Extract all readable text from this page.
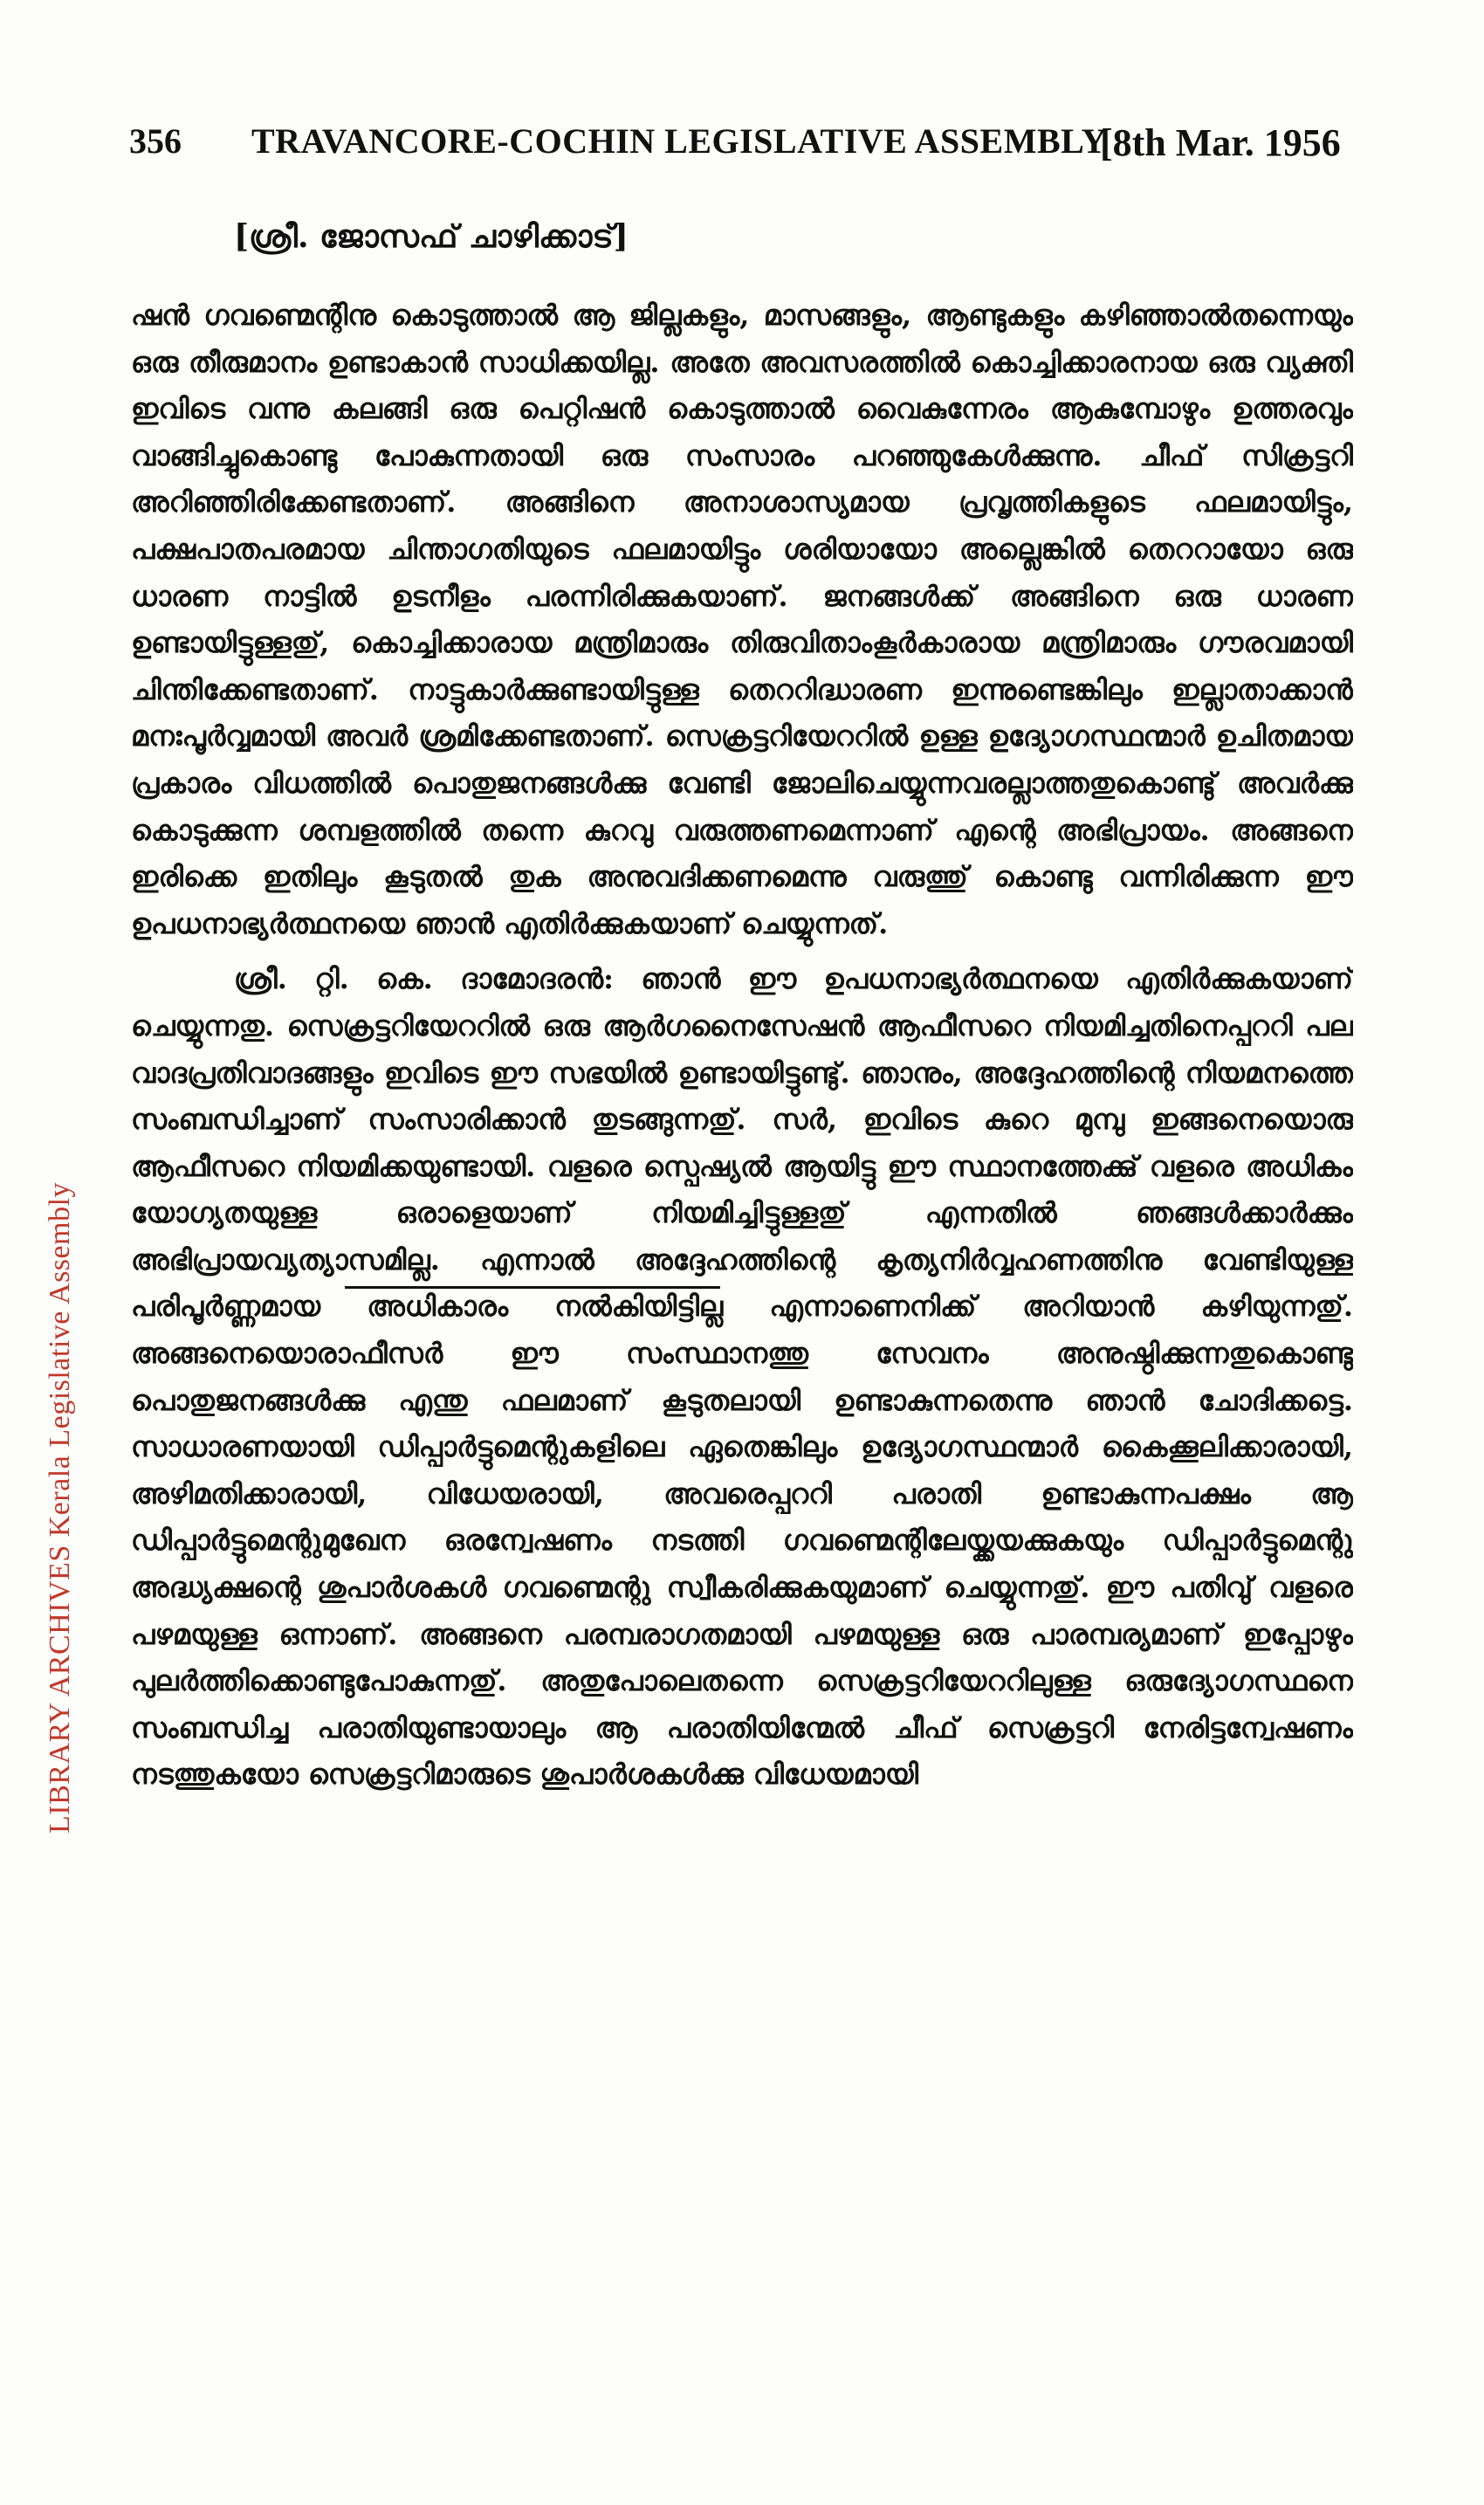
LIBRARY ARCHIVES Kerala Legislative Assembly
356 TRAVANCORE-COCHIN LEGISLATIVE ASSEMBLY
[8th Mar. 1956
[ശ്രീ. ജോസഫ് ചാഴിക്കാട്]

ഷൻ ഗവണ്മെന്റിനു കൊടുത്താൽ ആ ജില്ലകളും, മാസങ്ങളും, ആണ്ടുകളും കഴിഞ്ഞാൽതന്നെയും ഒരു തീരുമാനം ഉണ്ടാകാൻ സാധിക്കയില്ല. അതേ അവസരത്തിൽ കൊച്ചിക്കാരനായ ഒരു വ്യക്തി ഇവിടെ വന്നു കലങ്ങി ഒരു പെറ്റിഷൻ കൊടുത്താൽ വൈകുന്നേരം ആകുമ്പോഴും ഉത്തരവും വാങ്ങിച്ചുകൊണ്ടു പോകുന്നതായി ഒരു സംസാരം പറഞ്ഞുകേൾക്കുന്നു. ചീഫ് സിക്രട്ടറി അറിഞ്ഞിരിക്കേണ്ടതാണ്. അങ്ങിനെ അനാശാസ്യമായ പ്രവൃത്തികളുടെ ഫലമായിട്ടും, പക്ഷപാതപരമായ ചിന്താഗതിയുടെ ഫലമായിട്ടും ശരിയായോ അല്ലെങ്കിൽ തെററായോ ഒരു ധാരണ നാട്ടിൽ ഉടനീളം പരന്നിരിക്കുകയാണ്. ജനങ്ങൾക്ക് അങ്ങിനെ ഒരു ധാരണ ഉണ്ടായിട്ടുള്ളതു്, കൊച്ചിക്കാരായ മന്ത്രിമാരും തിരുവിതാംകൂർകാരായ മന്ത്രിമാരും ഗൗരവമായി ചിന്തിക്കേണ്ടതാണ്. നാട്ടുകാർക്കുണ്ടായിട്ടുള്ള തെററിദ്ധാരണ ഇന്നുണ്ടെങ്കിലും ഇല്ലാതാക്കാൻ മനഃപൂർവ്വമായി അവർ ശ്രമിക്കേണ്ടതാണ്. സെക്രട്ടറിയേററിൽ ഉള്ള ഉദ്യോഗസ്ഥന്മാർ ഉചിതമായ പ്രകാരം വിധത്തിൽ പൊതുജനങ്ങൾക്കു വേണ്ടി ജോലിചെയ്യുന്നവരല്ലാത്തതുകൊണ്ടു് അവർക്കു കൊടുക്കുന്ന ശമ്പളത്തിൽ തന്നെ കുറവു വരുത്തണമെന്നാണ് എന്റെ അഭിപ്രായം. അങ്ങനെ ഇരിക്കെ ഇതിലും കൂടുതൽ തുക അനുവദിക്കണമെന്നു വരുത്തു് കൊണ്ടു വന്നിരിക്കുന്ന ഈ ഉപധനാഭ്യർത്ഥനയെ ഞാൻ എതിർക്കുകയാണ് ചെയ്യുന്നത്.

ശ്രീ. റ്റി. കെ. ദാമോദരൻ: ഞാൻ ഈ ഉപധനാഭ്യർത്ഥനയെ എതിർക്കുകയാണ് ചെയ്യുന്നതു. സെക്രട്ടറിയേററിൽ ഒരു ആർഗനൈസേഷൻ ആഫീസറെ നിയമിച്ചതിനെപ്പററി പല വാദപ്രതിവാദങ്ങളും ഇവിടെ ഈ സഭയിൽ ഉണ്ടായിട്ടുണ്ടു്. ഞാനും, അദ്ദേഹത്തിന്റെ നിയമനത്തെ സംബന്ധിച്ചാണ് സംസാരിക്കാൻ തുടങ്ങുന്നതു്. സർ, ഇവിടെ കുറെ മുമ്പു ഇങ്ങനെയൊരു ആഫീസറെ നിയമിക്കയുണ്ടായി. വളരെ സ്പെഷ്യൽ ആയിട്ടു ഈ സ്ഥാനത്തേക്കു് വളരെ അധികം യോഗ്യതയുള്ള ഒരാളെയാണ് നിയമിച്ചിട്ടുള്ളതു് എന്നതിൽ ഞങ്ങൾക്കാർക്കും അഭിപ്രായവ്യത്യാസമില്ല. എന്നാൽ അദ്ദേഹത്തിന്റെ കൃത്യനിർവ്വഹണത്തിനു വേണ്ടിയുള്ള പരിപൂർണ്ണമായ അധികാരം നൽകിയിട്ടില്ല എന്നാണെനിക്ക് അറിയാൻ കഴിയുന്നതു്. അങ്ങനെയൊരാഫീസർ ഈ സംസ്ഥാനത്തു സേവനം അനുഷ്ഠിക്കുന്നതുകൊണ്ടു പൊതുജനങ്ങൾക്കു എന്തു ഫലമാണ് കൂടുതലായി ഉണ്ടാകുന്നതെന്നു ഞാൻ ചോദിക്കട്ടെ. സാധാരണയായി ഡിപ്പാർട്ടുമെന്റുകളിലെ ഏതെങ്കിലും ഉദ്യോഗസ്ഥന്മാർ കൈക്കൂലിക്കാരായി, അഴിമതിക്കാരായി, വിധേയരായി, അവരെപ്പററി പരാതി ഉണ്ടാകുന്നപക്ഷം ആ ഡിപ്പാർട്ടുമെന്റുമുഖേന ഒരന്വേഷണം നടത്തി ഗവണ്മെന്റിലേയ്ക്കയക്കുകയും ഡിപ്പാർട്ടുമെന്റു അദ്ധ്യക്ഷന്റെ ശുപാർശകൾ ഗവണ്മെന്റു സ്വീകരിക്കുകയുമാണ് ചെയ്യുന്നതു്. ഈ പതിവു് വളരെ പഴമയുള്ള ഒന്നാണ്. അങ്ങനെ പരമ്പരാഗതമായി പഴമയുള്ള ഒരു പാരമ്പര്യമാണ് ഇപ്പോഴും പുലർത്തിക്കൊണ്ടുപോകുന്നതു്. അതുപോലെതന്നെ സെക്രട്ടറിയേററിലുള്ള ഒരുദ്യോഗസ്ഥനെ സംബന്ധിച്ച പരാതിയുണ്ടായാലും ആ പരാതിയിന്മേൽ ചീഫ് സെക്രട്ടറി നേരിട്ടന്വേഷണം നടത്തുകയോ സെക്രട്ടറിമാരുടെ ശുപാർശകൾക്കു വിധേയമായി
